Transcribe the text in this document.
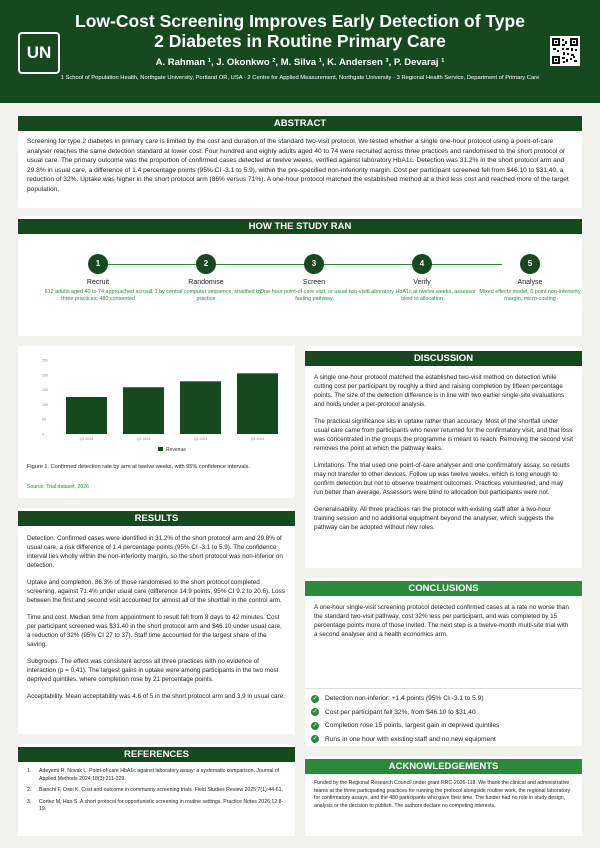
UN
Low-Cost Screening Improves Early Detection of Type 2 Diabetes in Routine Primary Care
A. Rahman ¹, J. Okonkwo ², M. Silva ¹, K. Andersen ³, P. Devaraj ¹
1 School of Population Health, Northgate University, Portland OR, USA · 2 Centre for Applied Measurement, Northgate University · 3 Regional Health Service, Department of Primary Care
ABSTRACT
Screening for type 2 diabetes in primary care is limited by the cost and duration of the standard two-visit protocol. We tested whether a single one-hour protocol using a point-of-care analyser reaches the same detection standard at lower cost. Four hundred and eighty adults aged 40 to 74 were recruited across three practices and randomised to the short protocol or usual care. The primary outcome was the proportion of confirmed cases detected at twelve weeks, verified against laboratory HbA1c. Detection was 31.2% in the short protocol arm and 29.8% in usual care, a difference of 1.4 percentage points (95% CI -3.1 to 5.9), within the pre-specified non-inferiority margin. Cost per participant screened fell from $46.10 to $31.40, a reduction of 32%. Uptake was higher in the short protocol arm (86% versus 71%). A one-hour protocol matched the established method at a third less cost and reached more of the target population.
HOW THE STUDY RAN
1
Recruit
612 adults aged 40 to 74 approached across three practices; 480 consented
2
Randomise
1:1 by central computer sequence, stratified by practice
3
Screen
One-hour point-of-care visit, or usual two-visit fasting pathway
4
Verify
Laboratory HbA1c at twelve weeks, assessor blind to allocation
5
Analyse
Mixed effects model, 6 point non-inferiority margin, micro-costing
0
50
100
150
200
250
Q1 2024	Q2 2024	Q3 2024	Q4 2024
Revenue
Figure 1. Confirmed detection rate by arm at twelve weeks, with 95% confidence intervals.
Source: Trial dataset, 2026
RESULTS

Detection. Confirmed cases were identified in 31.2% of the short protocol arm and 29.8% of usual care, a risk difference of 1.4 percentage points (95% CI -3.1 to 5.9). The confidence interval lies wholly within the non-inferiority margin, so the short protocol was non-inferior on detection.

Uptake and completion. 86.3% of those randomised to the short protocol completed screening, against 71.4% under usual care (difference 14.9 points, 95% CI 9.2 to 20.6). Loss between the first and second visit accounted for almost all of the shortfall in the control arm.

Time and cost. Median time from appointment to result fell from 8 days to 42 minutes. Cost per participant screened was $31.40 in the short protocol arm and $46.10 under usual care, a reduction of 32% (95% CI 27 to 37). Staff time accounted for the largest share of the saving.

Subgroups. The effect was consistent across all three practices with no evidence of interaction (p = 0.41). The largest gains in uptake were among participants in the two most deprived quintiles, where completion rose by 21 percentage points.

Acceptability. Mean acceptability was 4.6 of 5 in the short protocol arm and 3.9 in usual care.

REFERENCES
1.	Adeyemi R, Novak L. Point-of-care HbA1c against laboratory assay: a systematic comparison. Journal of Applied Methods 2024;18(3):211-229.
2.	Bianchi F, Osei K. Cost and outcome in community screening trials. Field Studies Review 2025;7(1):44-61.
3.	Cortez M, Han S. A short protocol for opportunistic screening in routine settings. Practice Notes 2026;12:8-19.
DISCUSSION

A single one-hour protocol matched the established two-visit method on detection while cutting cost per participant by roughly a third and raising completion by fifteen percentage points. The size of the detection difference is in line with two earlier single-site evaluations and holds under a per-protocol analysis.

The practical significance sits in uptake rather than accuracy. Most of the shortfall under usual care came from participants who never returned for the confirmatory visit, and that loss was concentrated in the groups the programme is meant to reach. Removing the second visit removes the point at which the pathway leaks.

Limitations. The trial used one point-of-care analyser and one confirmatory assay, so results may not transfer to other devices. Follow up was twelve weeks, which is long enough to confirm detection but not to observe treatment outcomes. Practices volunteered, and may run better than average. Assessors were blind to allocation but participants were not.

Generalisability. All three practices ran the protocol with existing staff after a two-hour training session and no additional equipment beyond the analyser, which suggests the pathway can be adopted without new roles.

CONCLUSIONS
A one-hour single-visit screening protocol detected confirmed cases at a rate no worse than the standard two-visit pathway, cost 32% less per participant, and was completed by 15 percentage points more of those invited. The next step is a twelve-month multi-site trial with a second analyser and a health economics arm.
✓ Detection non-inferior: +1.4 points (95% CI -3.1 to 5.9)
✓ Cost per participant fell 32%, from $46.10 to $31.40
✓ Completion rose 15 points, largest gain in deprived quintiles
✓ Runs in one hour with existing staff and no new equipment
ACKNOWLEDGEMENTS
Funded by the Regional Research Council under grant RRC-2026-118. We thank the clinical and administrative teams at the three participating practices for running the protocol alongside routine work, the regional laboratory for confirmatory assays, and the 480 participants who gave their time. The funder had no role in study design, analysis or the decision to publish. The authors declare no competing interests.
